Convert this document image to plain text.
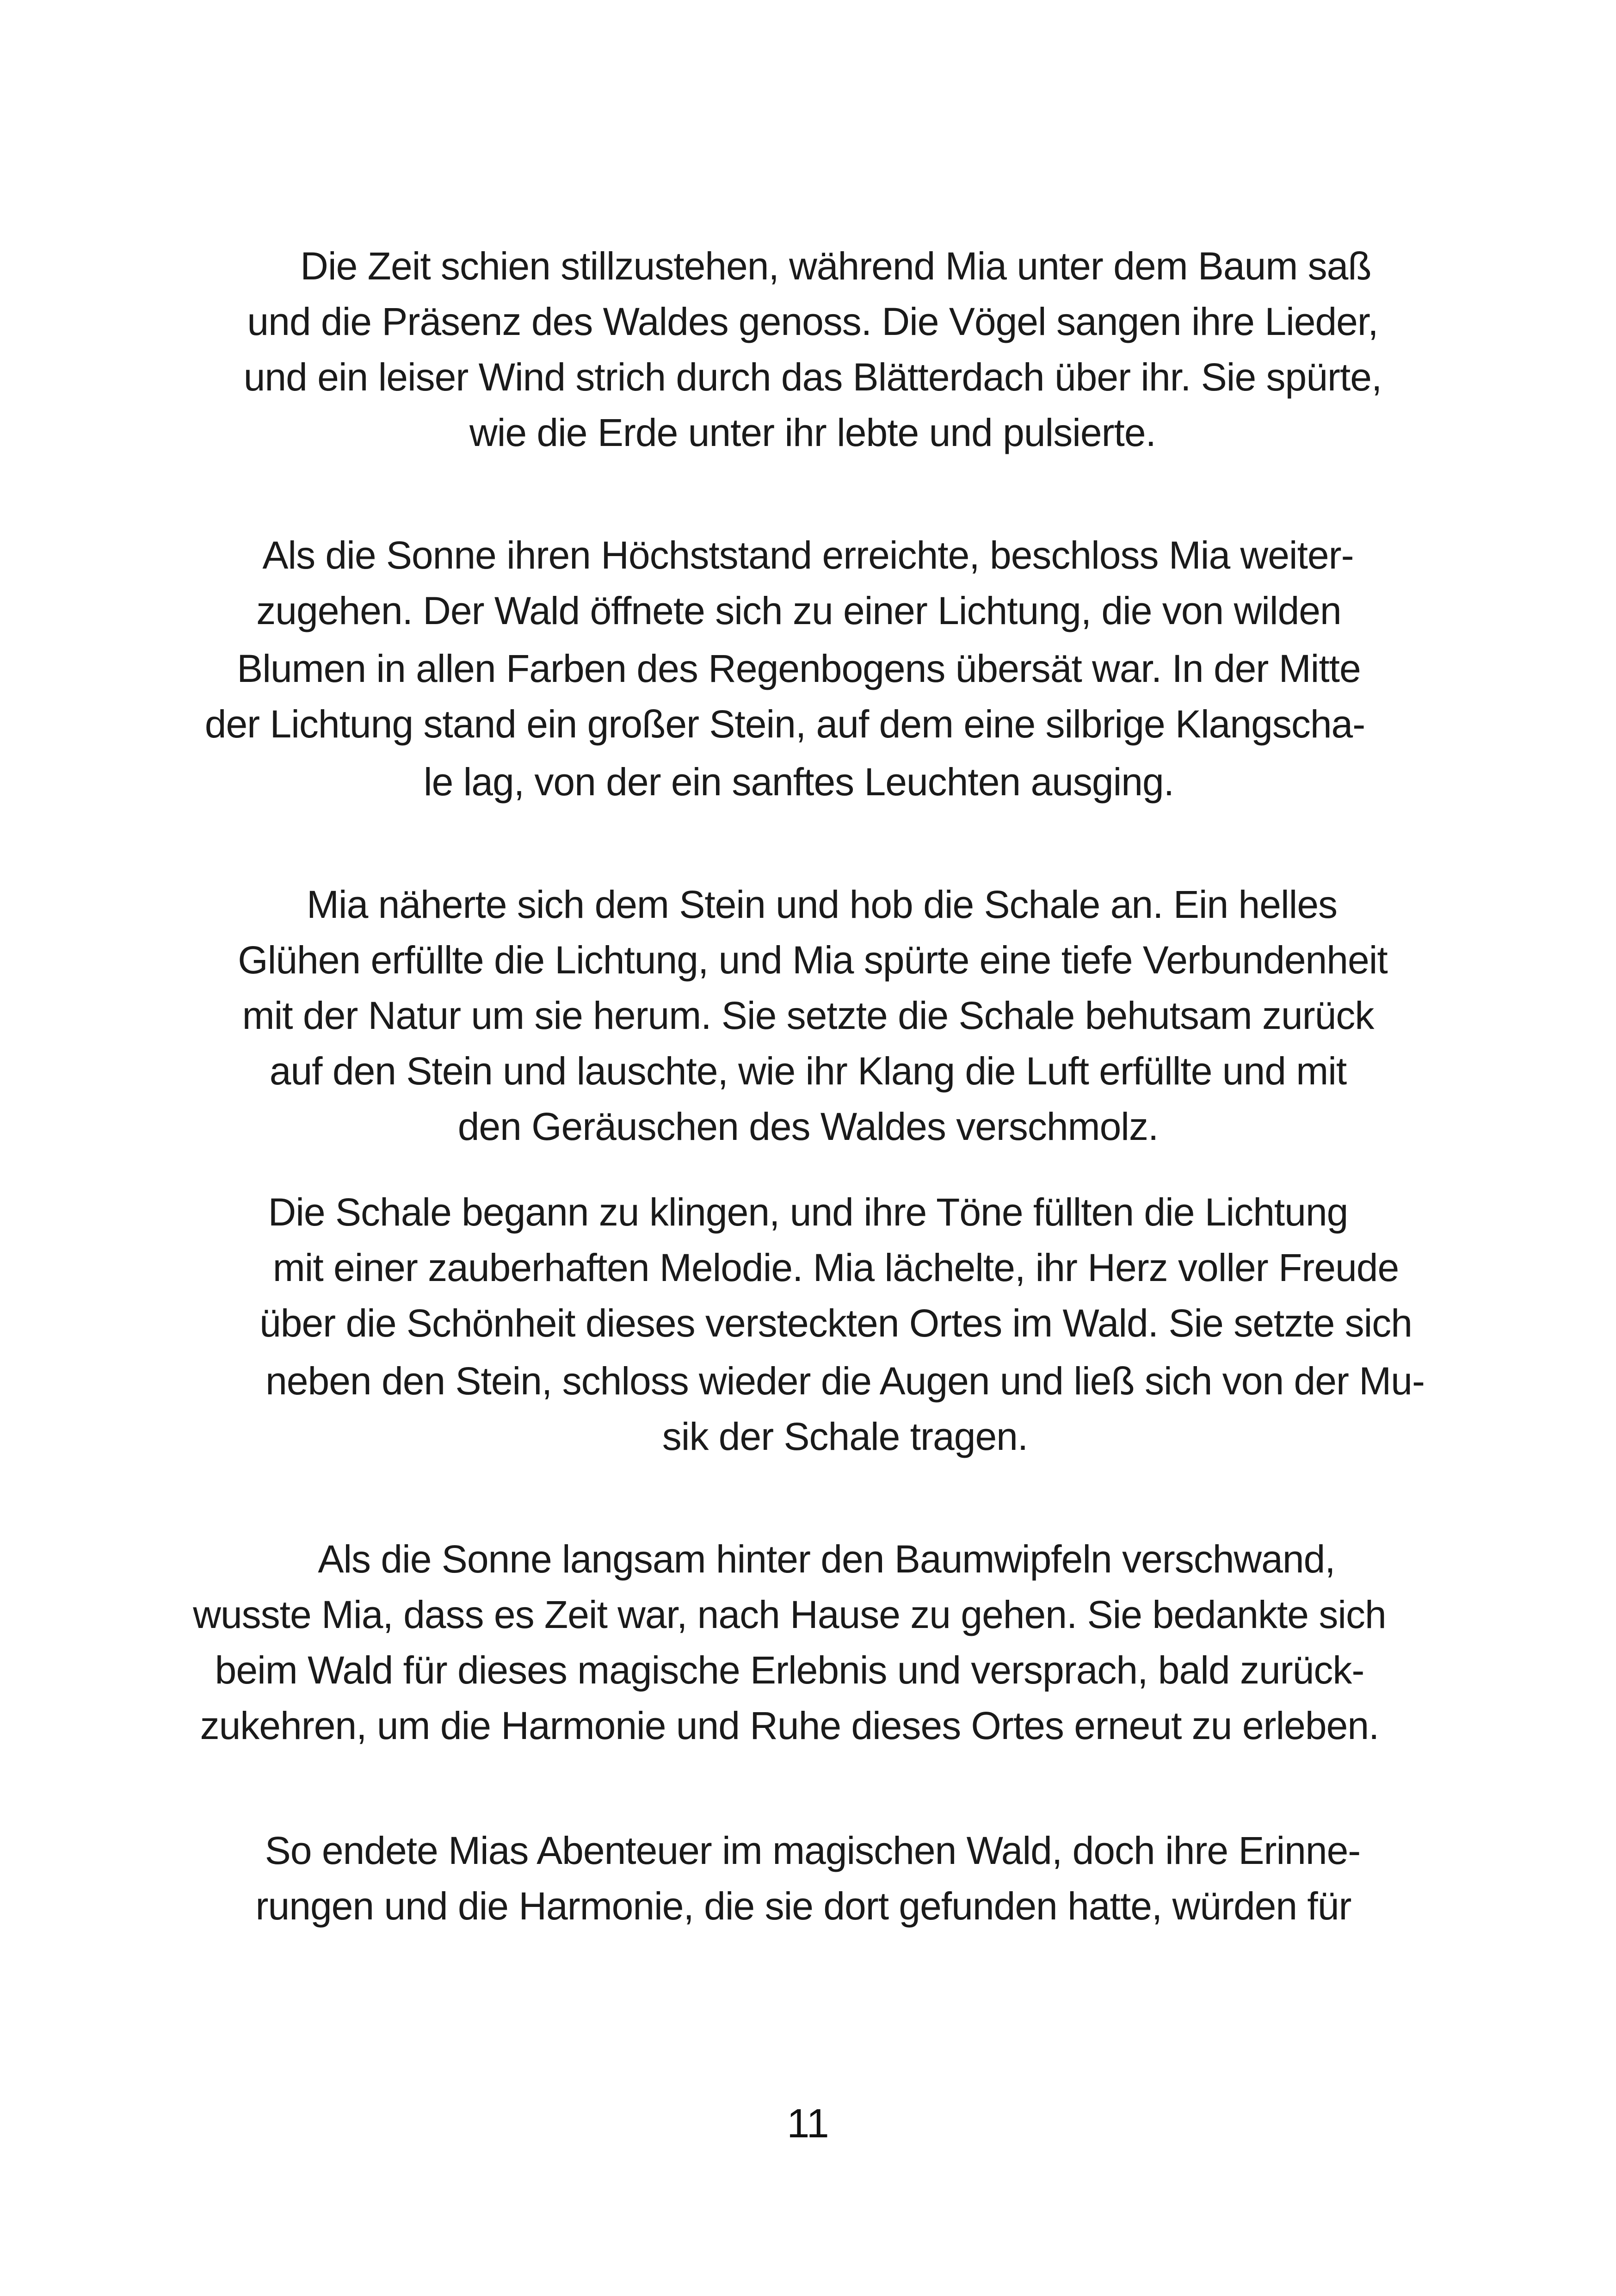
Die Zeit schien stillzustehen, während Mia unter dem Baum saß
und die Präsenz des Waldes genoss. Die Vögel sangen ihre Lieder,
und ein leiser Wind strich durch das Blätterdach über ihr. Sie spürte,
wie die Erde unter ihr lebte und pulsierte.
Als die Sonne ihren Höchststand erreichte, beschloss Mia weiter-
zugehen. Der Wald öffnete sich zu einer Lichtung, die von wilden
Blumen in allen Farben des Regenbogens übersät war. In der Mitte
der Lichtung stand ein großer Stein, auf dem eine silbrige Klangscha-
le lag, von der ein sanftes Leuchten ausging.
Mia näherte sich dem Stein und hob die Schale an. Ein helles
Glühen erfüllte die Lichtung, und Mia spürte eine tiefe Verbundenheit
mit der Natur um sie herum. Sie setzte die Schale behutsam zurück
auf den Stein und lauschte, wie ihr Klang die Luft erfüllte und mit
den Geräuschen des Waldes verschmolz.
Die Schale begann zu klingen, und ihre Töne füllten die Lichtung
mit einer zauberhaften Melodie. Mia lächelte, ihr Herz voller Freude
über die Schönheit dieses versteckten Ortes im Wald. Sie setzte sich
neben den Stein, schloss wieder die Augen und ließ sich von der Mu-
sik der Schale tragen.
Als die Sonne langsam hinter den Baumwipfeln verschwand,
wusste Mia, dass es Zeit war, nach Hause zu gehen. Sie bedankte sich
beim Wald für dieses magische Erlebnis und versprach, bald zurück-
zukehren, um die Harmonie und Ruhe dieses Ortes erneut zu erleben.
So endete Mias Abenteuer im magischen Wald, doch ihre Erinne-
rungen und die Harmonie, die sie dort gefunden hatte, würden für
11
